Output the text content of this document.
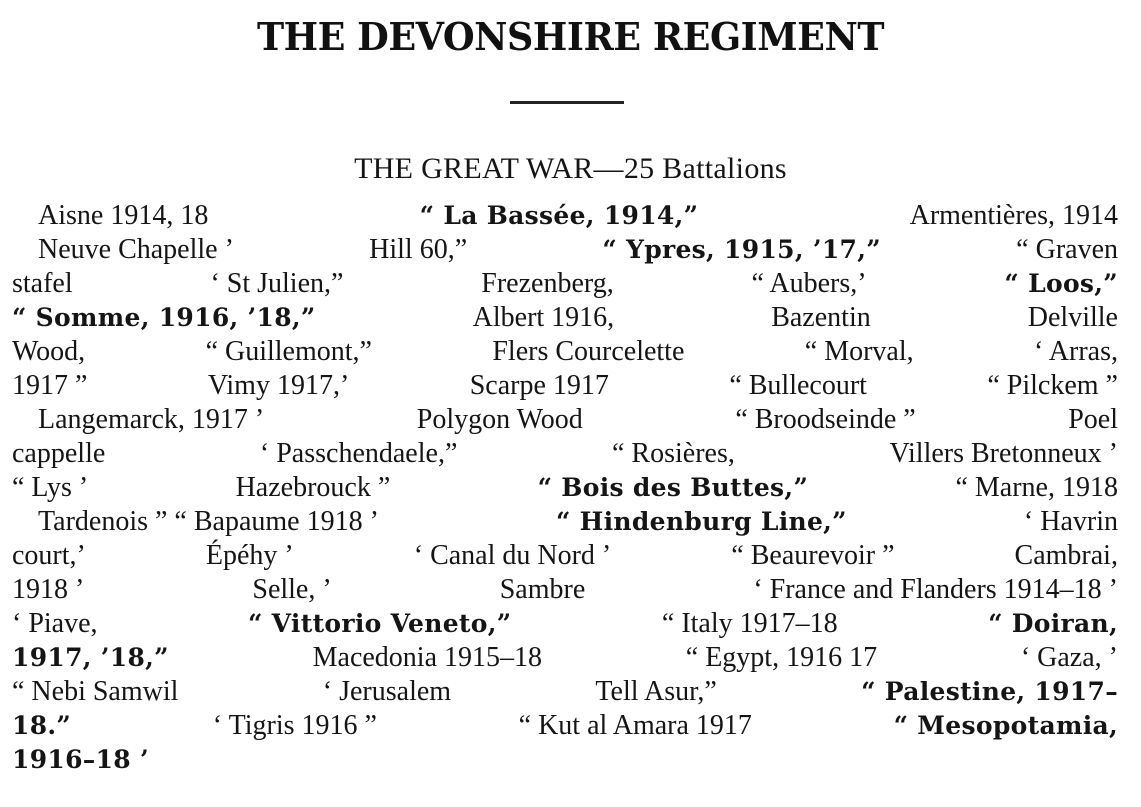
THE DEVONSHIRE REGIMENT
THE GREAT WAR—25 Battalions
Aisne 1914, 18	“ La Bassée, 1914,”	Armentières, 1914
Neuve Chapelle ’	Hill 60,”	“ Ypres, 1915, ’17,”	“ Graven
stafel	‘ St Julien,”	Frezenberg,	“ Aubers,’	“ Loos,”
“ Somme, 1916, ’18,”	Albert 1916,	Bazentin	Delville
Wood,	“ Guillemont,”	Flers Courcelette	“ Morval,	‘ Arras,
1917 ”	Vimy 1917,’	Scarpe 1917	“ Bullecourt	“ Pilckem ”
Langemarck, 1917 ’	Polygon Wood	“ Broodseinde ”	Poel
cappelle	‘ Passchendaele,”	“ Rosières,	Villers Bretonneux ’
“ Lys ’	Hazebrouck ”	“ Bois des Buttes,”	“ Marne, 1918
Tardenois ” “ Bapaume 1918 ’	“ Hindenburg Line,”	‘ Havrin
court,’	Épéhy ’	‘ Canal du Nord ’	“ Beaurevoir ”	Cambrai,
1918 ’	Selle, ’	Sambre	‘ France and Flanders 1914–18 ’
‘ Piave,	“ Vittorio Veneto,”	“ Italy 1917–18	“ Doiran,
1917, ’18,”	Macedonia 1915–18	“ Egypt, 1916 17	‘ Gaza, ’
“ Nebi Samwil	‘ Jerusalem	Tell Asur,”	“ Palestine, 1917–
18.”	‘ Tigris 1916 ”	“ Kut al Amara 1917	“ Mesopotamia,
1916–18 ’
